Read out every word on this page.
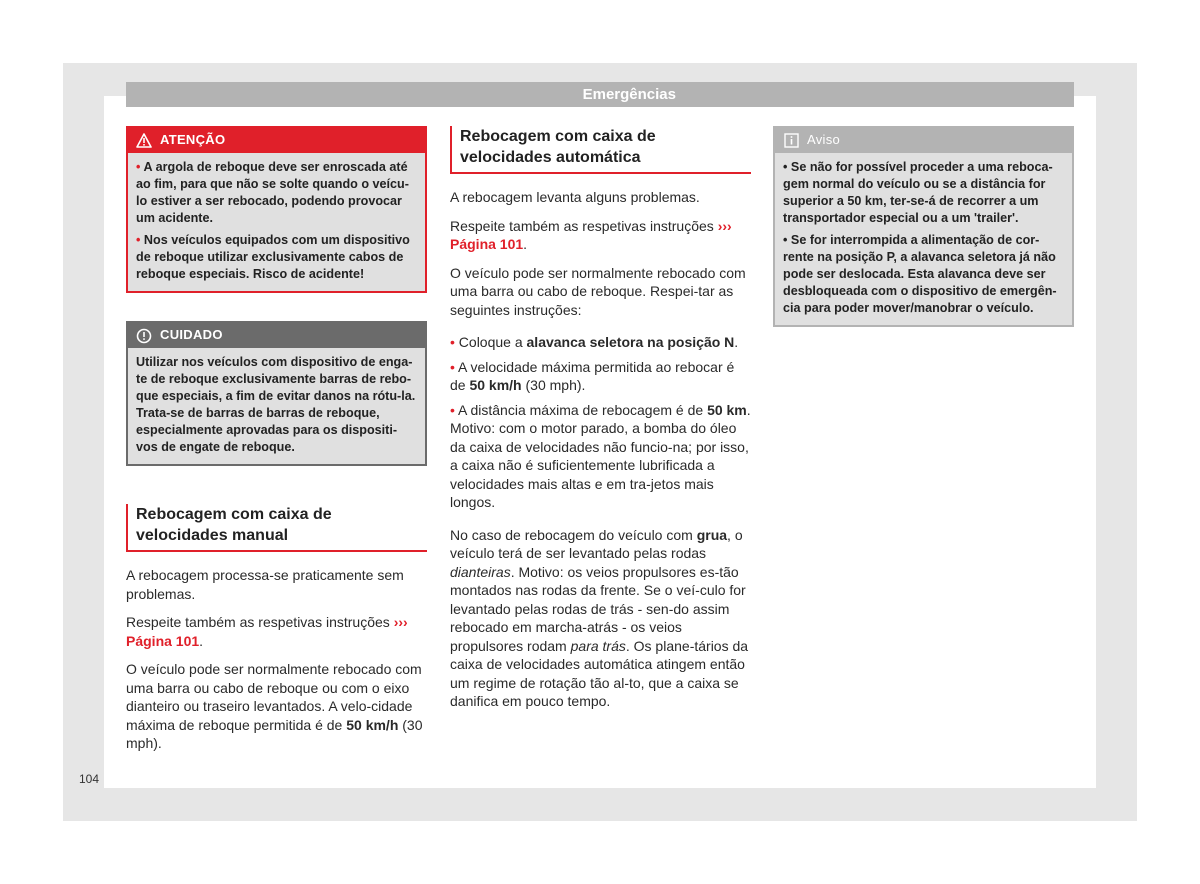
Emergências
ATENÇÃO

• A argola de reboque deve ser enroscada até ao fim, para que não se solte quando o veícu-lo estiver a ser rebocado, podendo provocar um acidente.

• Nos veículos equipados com um dispositivo de reboque utilizar exclusivamente cabos de reboque especiais. Risco de acidente!

CUIDADO

Utilizar nos veículos com dispositivo de enga-te de reboque exclusivamente barras de rebo-que especiais, a fim de evitar danos na rótu-la. Trata-se de barras de barras de reboque, especialmente aprovadas para os dispositi-vos de engate de reboque.

Rebocagem com caixa de velocidades manual

A rebocagem processa-se praticamente sem problemas.

Respeite também as respetivas instruções ››› Página 101.

O veículo pode ser normalmente rebocado com uma barra ou cabo de reboque ou com o eixo dianteiro ou traseiro levantados. A velo-cidade máxima de reboque permitida é de 50 km/h (30 mph).

Rebocagem com caixa de velocidades automática

A rebocagem levanta alguns problemas.

Respeite também as respetivas instruções ››› Página 101.

O veículo pode ser normalmente rebocado com uma barra ou cabo de reboque. Respei-tar as seguintes instruções:

• Coloque a alavanca seletora na posição N.

• A velocidade máxima permitida ao rebocar é de 50 km/h (30 mph).

• A distância máxima de rebocagem é de 50 km. Motivo: com o motor parado, a bomba do óleo da caixa de velocidades não funcio-na; por isso, a caixa não é suficientemente lubrificada a velocidades mais altas e em tra-jetos mais longos.

No caso de rebocagem do veículo com grua, o veículo terá de ser levantado pelas rodas dianteiras. Motivo: os veios propulsores es-tão montados nas rodas da frente. Se o veí-culo for levantado pelas rodas de trás - sen-do assim rebocado em marcha-atrás - os veios propulsores rodam para trás. Os plane-tários da caixa de velocidades automática atingem então um regime de rotação tão al-to, que a caixa se danifica em pouco tempo.

Aviso

• Se não for possível proceder a uma reboca-gem normal do veículo ou se a distância for superior a 50 km, ter-se-á de recorrer a um transportador especial ou a um 'trailer'.

• Se for interrompida a alimentação de cor-rente na posição P, a alavanca seletora já não pode ser deslocada. Esta alavanca deve ser desbloqueada com o dispositivo de emergên-cia para poder mover/manobrar o veículo.

104
